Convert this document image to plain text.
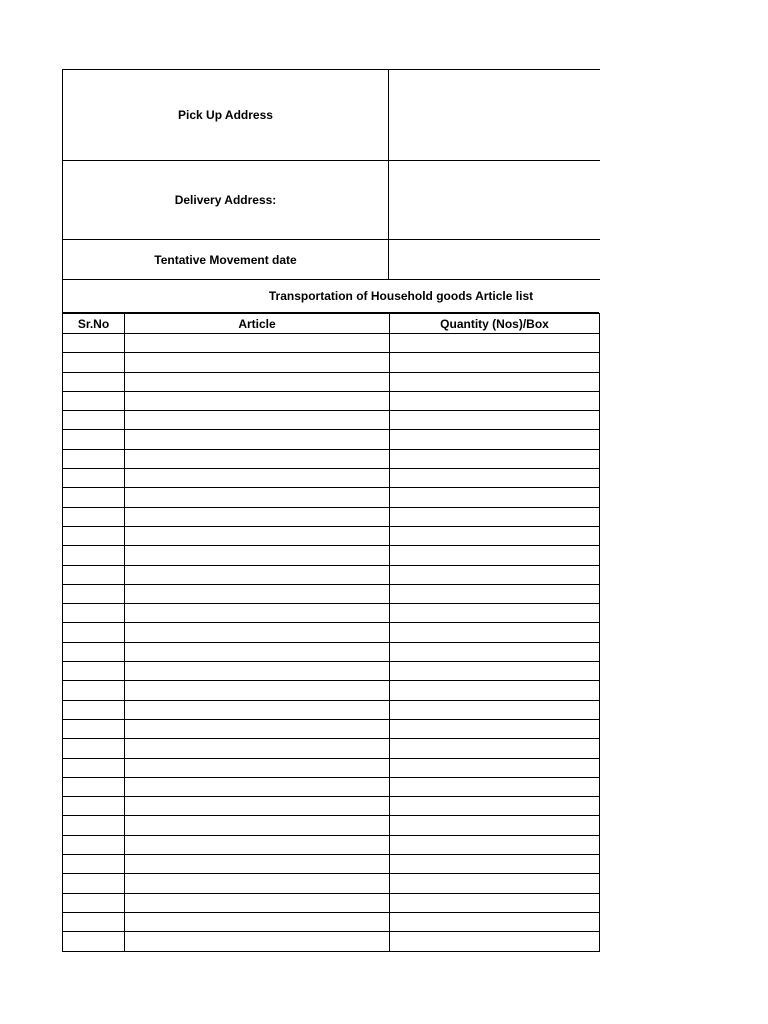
Pick Up Address	
Delivery Address:	
Tentative Movement date	
Transportation of Household goods Article list
Sr.No	Article	Quantity (Nos)/Box
